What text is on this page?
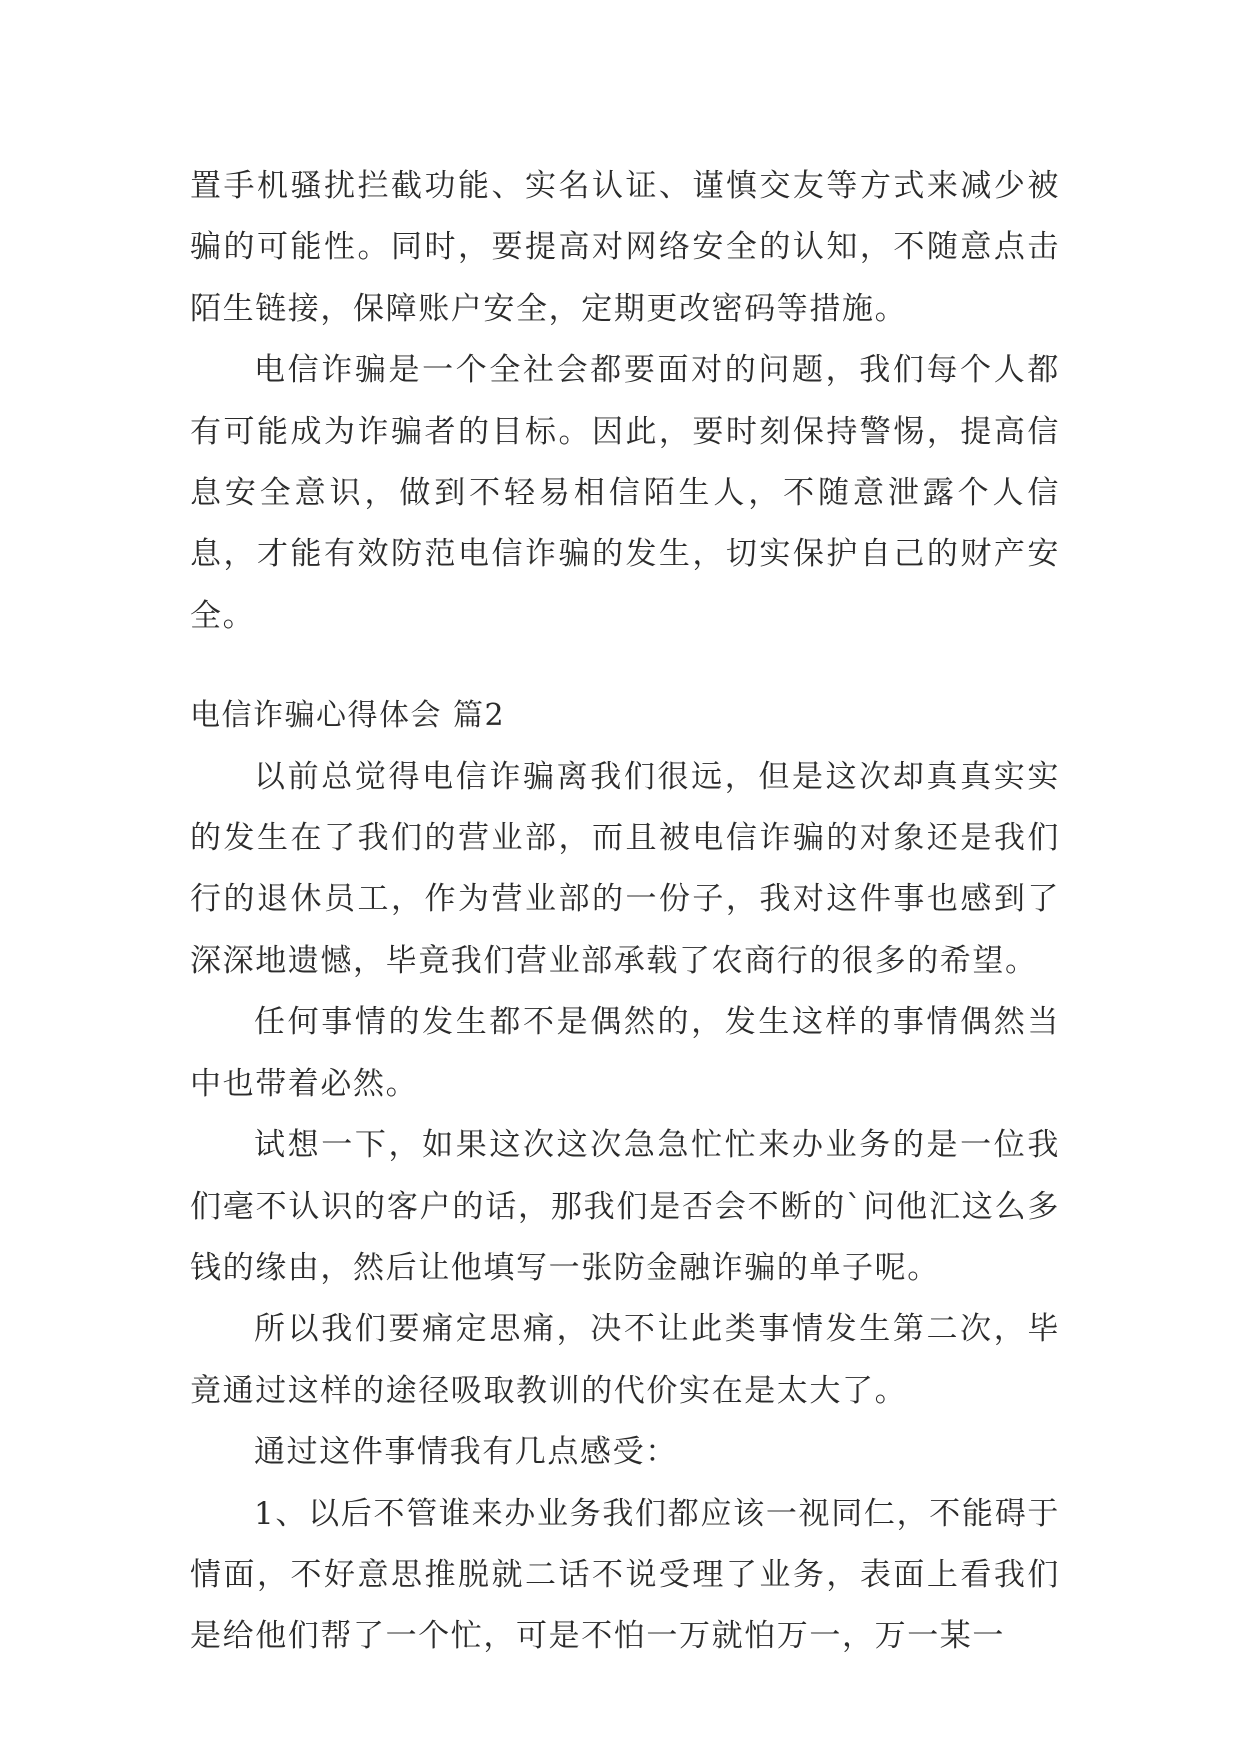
置手机骚扰拦截功能、实名认证、谨慎交友等方式来减少被骗的可能性。同时，要提高对网络安全的认知，不随意点击陌生链接，保障账户安全，定期更改密码等措施。

电信诈骗是一个全社会都要面对的问题，我们每个人都有可能成为诈骗者的目标。因此，要时刻保持警惕，提高信息安全意识，做到不轻易相信陌生人，不随意泄露个人信息，才能有效防范电信诈骗的发生，切实保护自己的财产安全。

电信诈骗心得体会 篇2

以前总觉得电信诈骗离我们很远，但是这次却真真实实的发生在了我们的营业部，而且被电信诈骗的对象还是我们行的退休员工，作为营业部的一份子，我对这件事也感到了深深地遗憾，毕竟我们营业部承载了农商行的很多的希望。

任何事情的发生都不是偶然的，发生这样的事情偶然当中也带着必然。

试想一下，如果这次这次急急忙忙来办业务的是一位我们毫不认识的客户的话，那我们是否会不断的`问他汇这么多钱的缘由，然后让他填写一张防金融诈骗的单子呢。

所以我们要痛定思痛，决不让此类事情发生第二次，毕竟通过这样的途径吸取教训的代价实在是太大了。

通过这件事情我有几点感受：

1、以后不管谁来办业务我们都应该一视同仁，不能碍于情面，不好意思推脱就二话不说受理了业务，表面上看我们是给他们帮了一个忙，可是不怕一万就怕万一，万一某一
